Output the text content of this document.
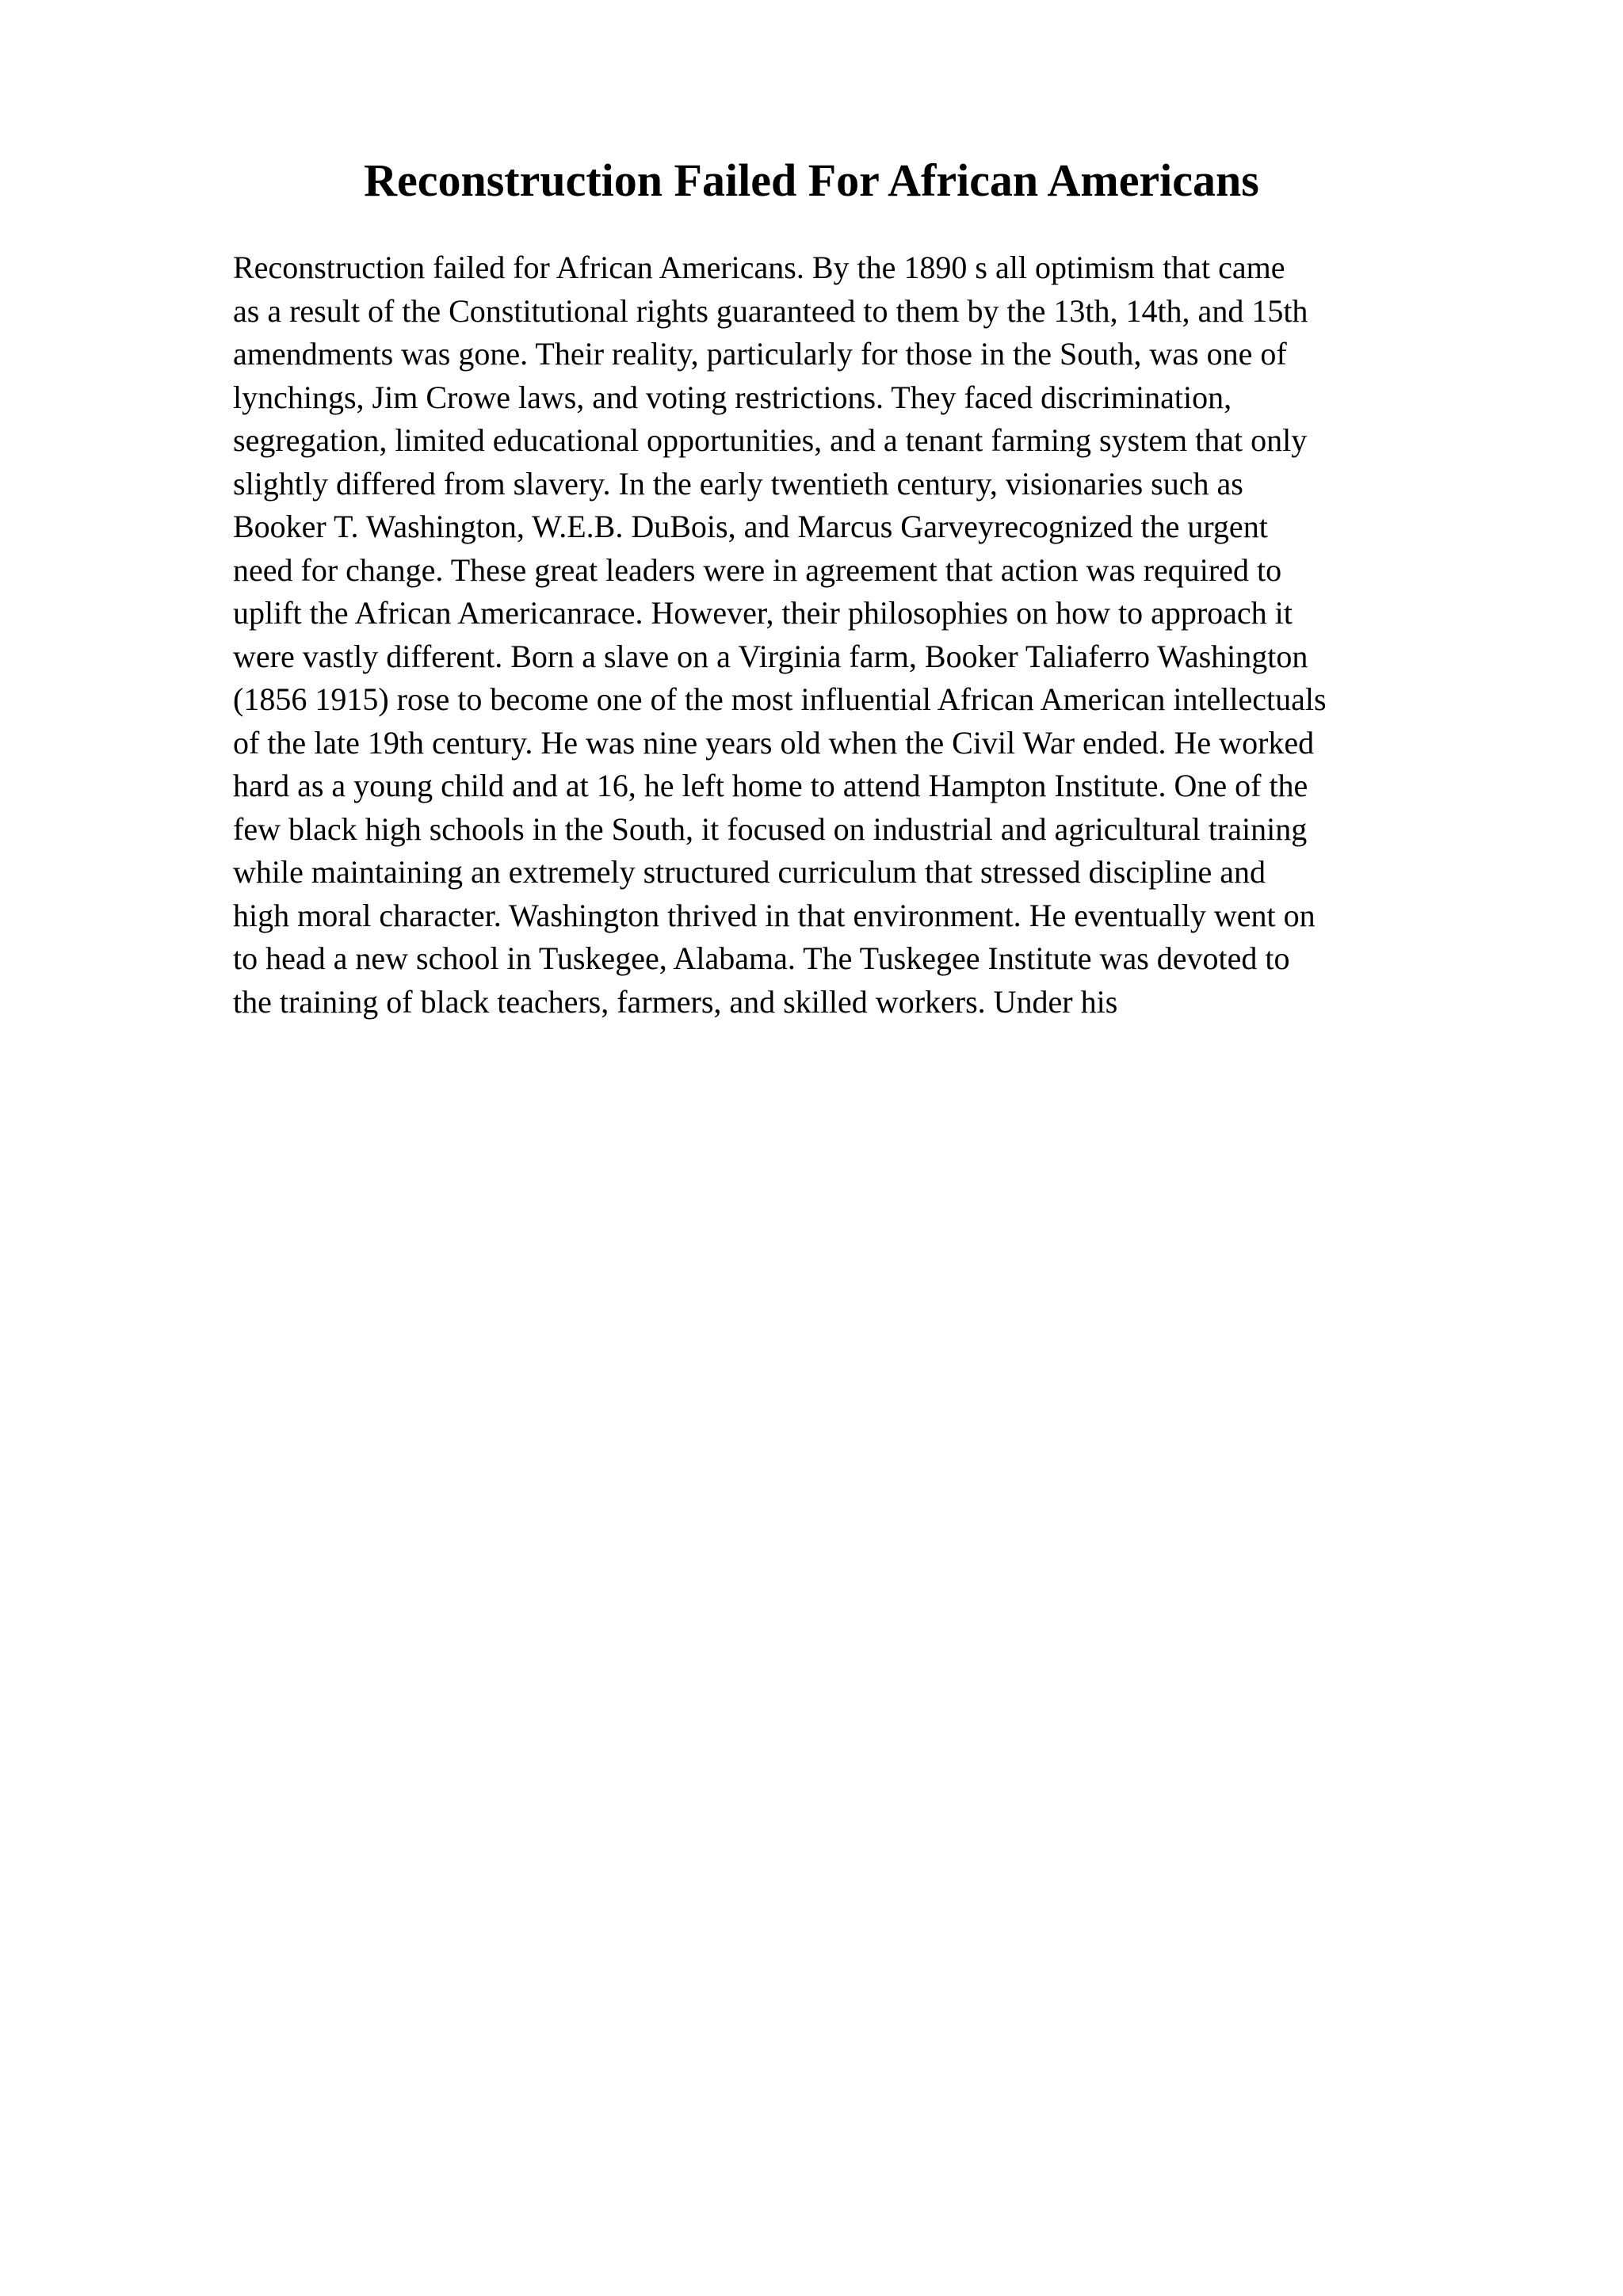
Reconstruction Failed For African Americans
Reconstruction failed for African Americans. By the 1890 s all optimism that came
as a result of the Constitutional rights guaranteed to them by the 13th, 14th, and 15th
amendments was gone. Their reality, particularly for those in the South, was one of
lynchings, Jim Crowe laws, and voting restrictions. They faced discrimination,
segregation, limited educational opportunities, and a tenant farming system that only
slightly differed from slavery. In the early twentieth century, visionaries such as
Booker T. Washington, W.E.B. DuBois, and Marcus Garveyrecognized the urgent
need for change. These great leaders were in agreement that action was required to
uplift the African Americanrace. However, their philosophies on how to approach it
were vastly different. Born a slave on a Virginia farm, Booker Taliaferro Washington
(1856 1915) rose to become one of the most influential African American intellectuals
of the late 19th century. He was nine years old when the Civil War ended. He worked
hard as a young child and at 16, he left home to attend Hampton Institute. One of the
few black high schools in the South, it focused on industrial and agricultural training
while maintaining an extremely structured curriculum that stressed discipline and
high moral character. Washington thrived in that environment. He eventually went on
to head a new school in Tuskegee, Alabama. The Tuskegee Institute was devoted to
the training of black teachers, farmers, and skilled workers. Under his
